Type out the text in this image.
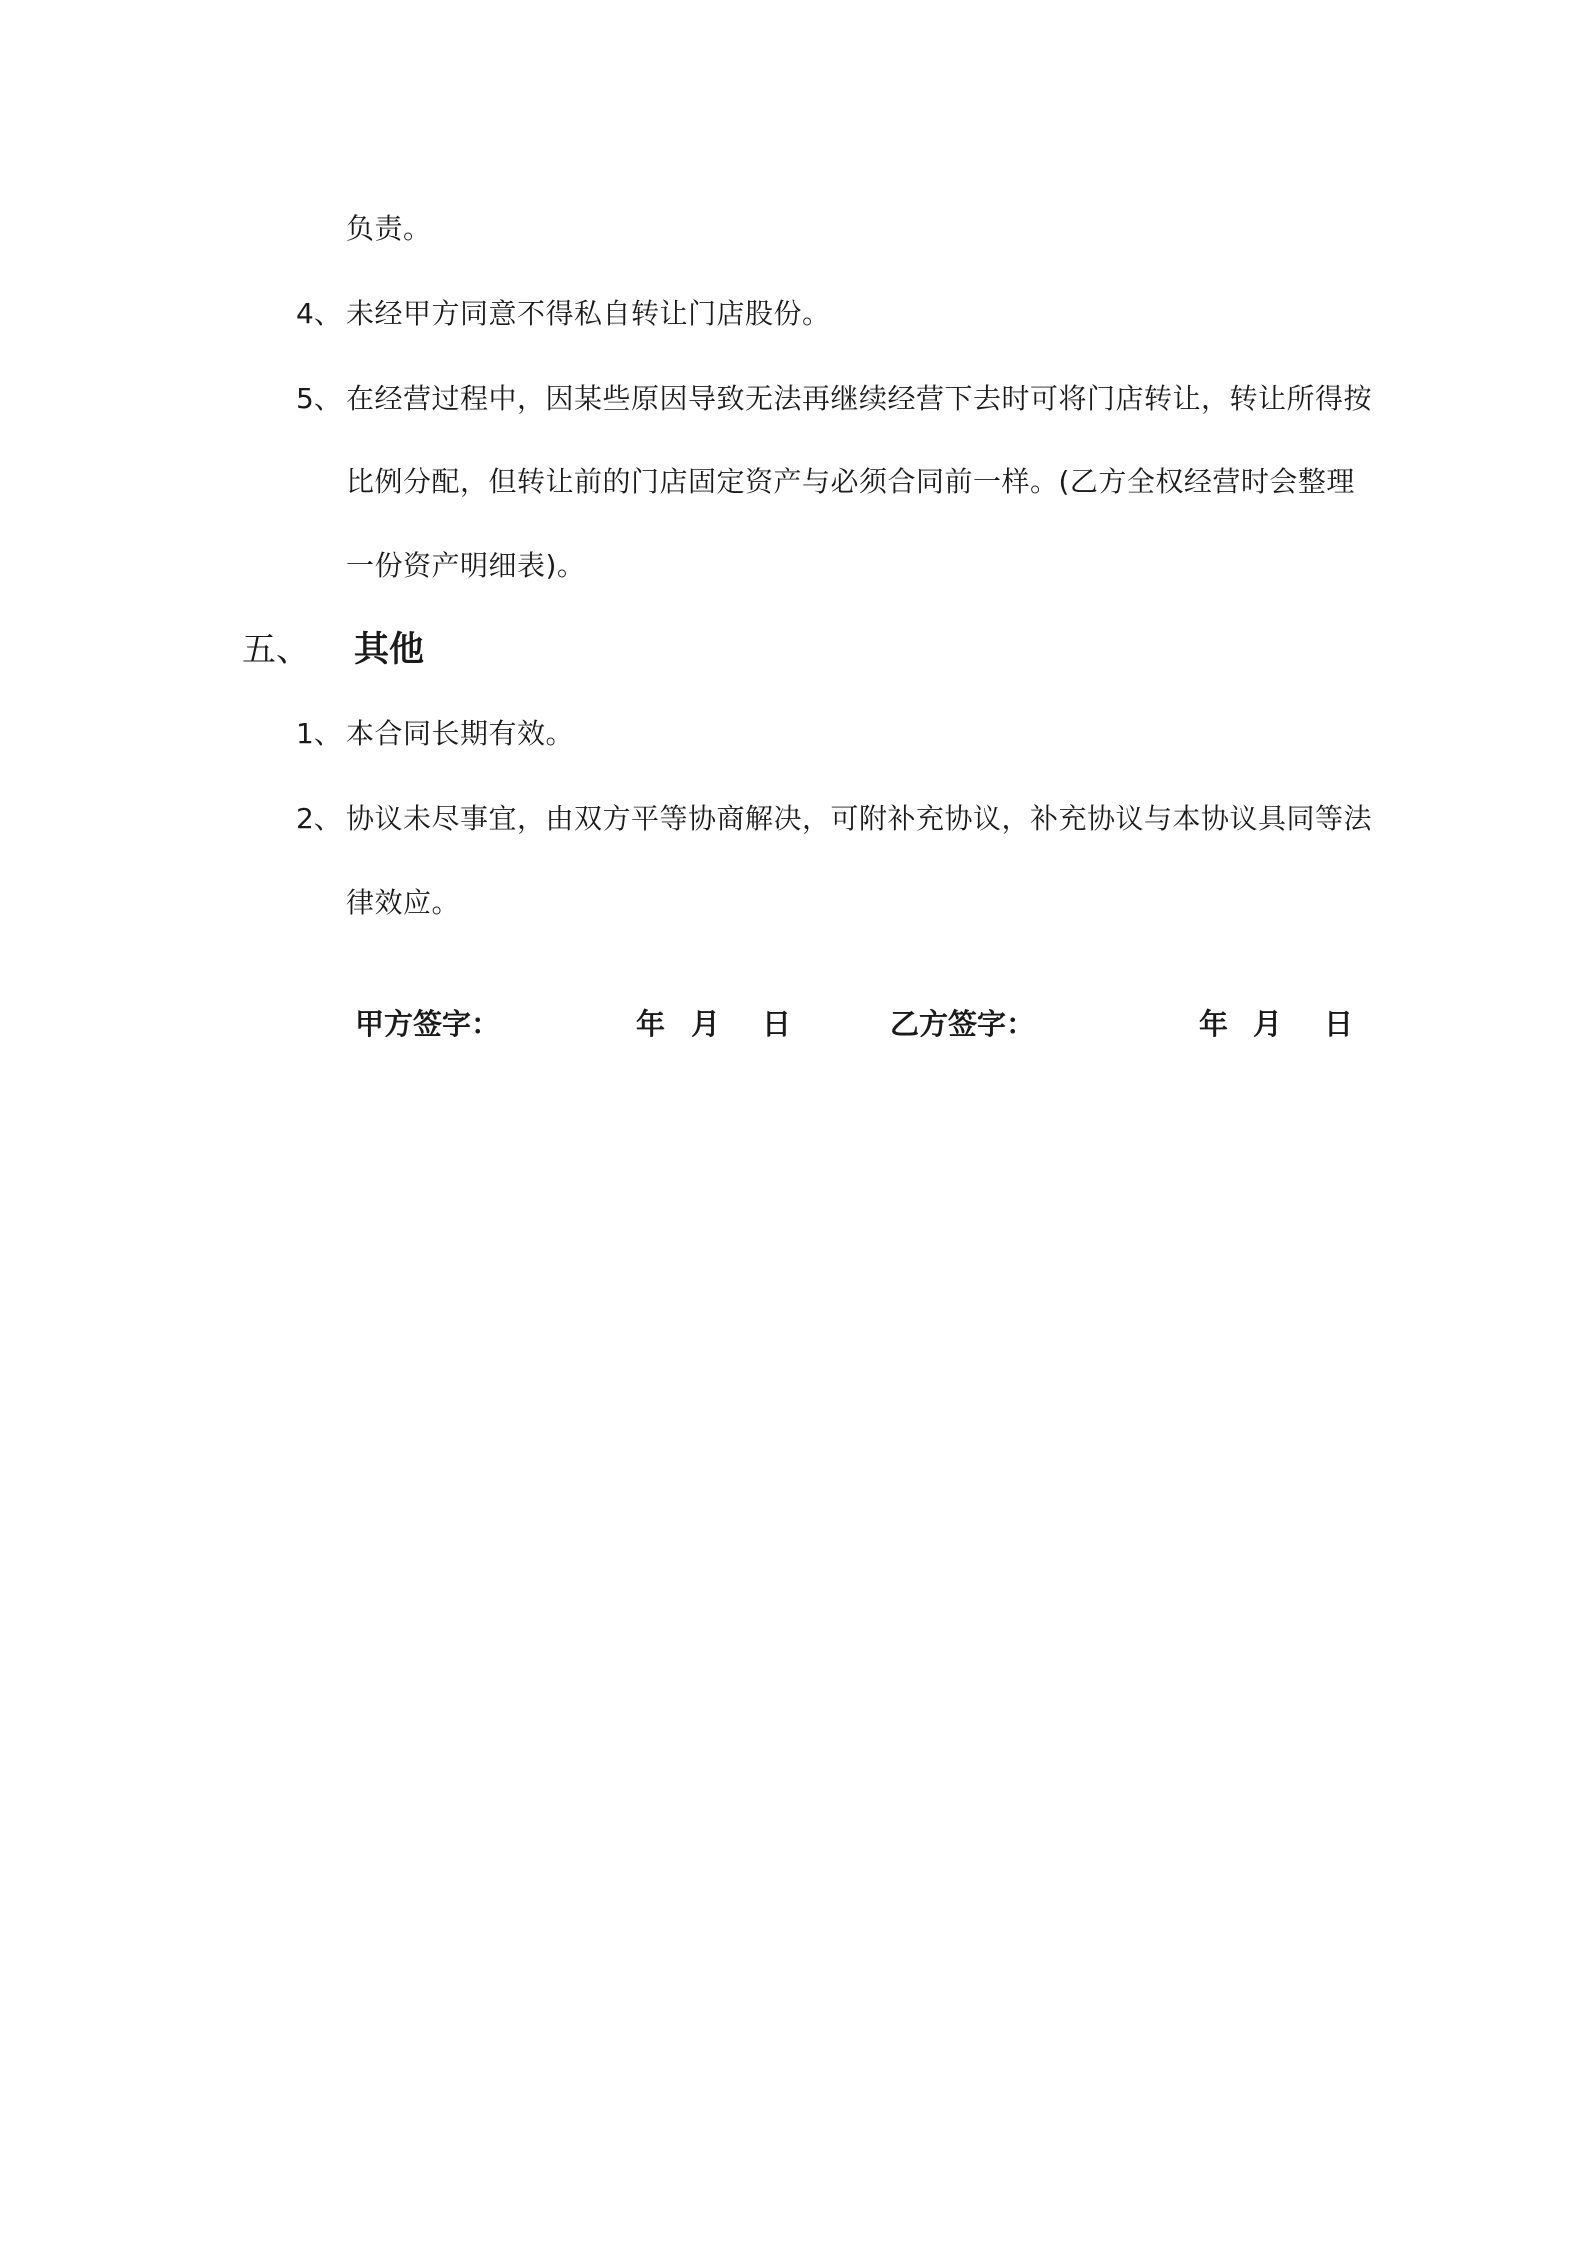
负责。
4、 未经甲方同意不得私自转让门店股份。
5、 在经营过程中，因某些原因导致无法再继续经营下去时可将门店转让，转让所得按
比例分配，但转让前的门店固定资产与必须合同前一样。(乙方全权经营时会整理
一份资产明细表)。
五、 其他
1、 本合同长期有效。
2、 协议未尽事宜，由双方平等协商解决，可附补充协议，补充协议与本协议具同等法
律效应。
甲方签字：	年 月 日	乙方签字：	年 月 日
